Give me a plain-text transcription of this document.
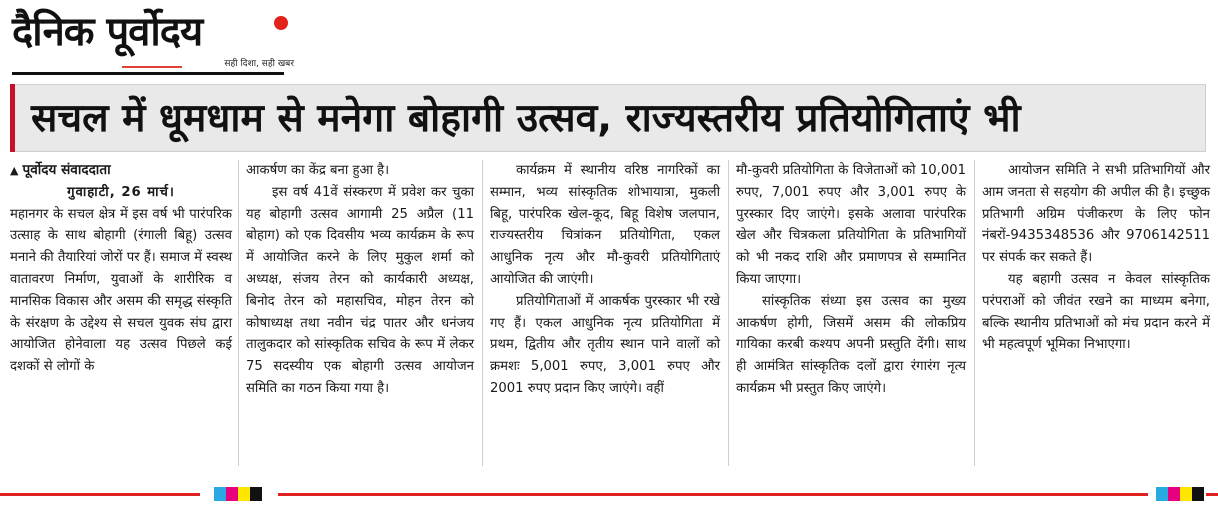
दैनिक पूर्वोदय
सही दिशा, सही खबर
सचल में धूमधाम से मनेगा बोहागी उत्सव, राज्यस्तरीय प्रतियोगिताएं भी

▲ पूर्वोदय संवाददाता

गुवाहाटी, 26 मार्च।

महानगर के सचल क्षेत्र में इस वर्ष भी पारंपरिक उत्साह के साथ बोहागी (रंगाली बिहू) उत्सव मनाने की तैयारियां जोरों पर हैं। समाज में स्वस्थ वातावरण निर्माण, युवाओं के शारीरिक व मानसिक विकास और असम की समृद्ध संस्कृति के संरक्षण के उद्देश्य से सचल युवक संघ द्वारा आयोजित होनेवाला यह उत्सव पिछले कई दशकों से लोगों के

आकर्षण का केंद्र बना हुआ है।

इस वर्ष 41वें संस्करण में प्रवेश कर चुका यह बोहागी उत्सव आगामी 25 अप्रैल (11 बोहाग) को एक दिवसीय भव्य कार्यक्रम के रूप में आयोजित करने के लिए मुकुल शर्मा को अध्यक्ष, संजय तेरन को कार्यकारी अध्यक्ष, बिनोद तेरन को महासचिव, मोहन तेरन को कोषाध्यक्ष तथा नवीन चंद्र पातर और धनंजय तालुकदार को सांस्कृतिक सचिव के रूप में लेकर 75 सदस्यीय एक बोहागी उत्सव आयोजन समिति का गठन किया गया है।

कार्यक्रम में स्थानीय वरिष्ठ नागरिकों का सम्मान, भव्य सांस्कृतिक शोभायात्रा, मुकली बिहू, पारंपरिक खेल-कूद, बिहू विशेष जलपान, राज्यस्तरीय चित्रांकन प्रतियोगिता, एकल आधुनिक नृत्य और मौ-कुवरी प्रतियोगिताएं आयोजित की जाएंगी।

प्रतियोगिताओं में आकर्षक पुरस्कार भी रखे गए हैं। एकल आधुनिक नृत्य प्रतियोगिता में प्रथम, द्वितीय और तृतीय स्थान पाने वालों को क्रमशः 5,001 रुपए, 3,001 रुपए और 2001 रुपए प्रदान किए जाएंगे। वहीं

मौ-कुवरी प्रतियोगिता के विजेताओं को 10,001 रुपए, 7,001 रुपए और 3,001 रुपए के पुरस्कार दिए जाएंगे। इसके अलावा पारंपरिक खेल और चित्रकला प्रतियोगिता के प्रतिभागियों को भी नकद राशि और प्रमाणपत्र से सम्मानित किया जाएगा।

सांस्कृतिक संध्या इस उत्सव का मुख्य आकर्षण होगी, जिसमें असम की लोकप्रिय गायिका करबी कश्यप अपनी प्रस्तुति देंगी। साथ ही आमंत्रित सांस्कृतिक दलों द्वारा रंगारंग नृत्य कार्यक्रम भी प्रस्तुत किए जाएंगे।

आयोजन समिति ने सभी प्रतिभागियों और आम जनता से सहयोग की अपील की है। इच्छुक प्रतिभागी अग्रिम पंजीकरण के लिए फोन नंबरों-9435348536 और 9706142511 पर संपर्क कर सकते हैं।

यह बहागी उत्सव न केवल सांस्कृतिक परंपराओं को जीवंत रखने का माध्यम बनेगा, बल्कि स्थानीय प्रतिभाओं को मंच प्रदान करने में भी महत्वपूर्ण भूमिका निभाएगा।
